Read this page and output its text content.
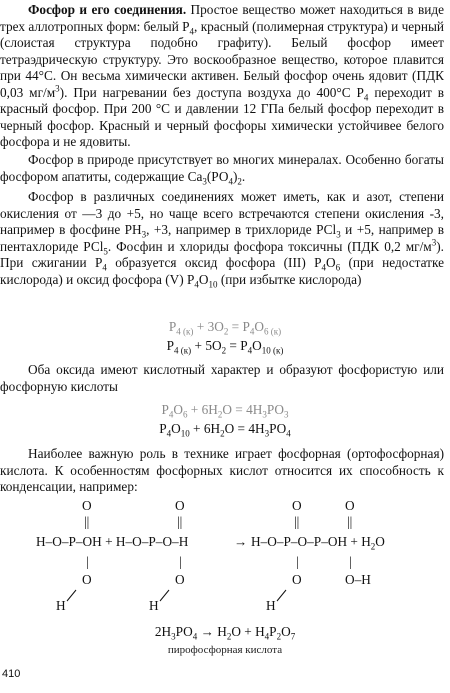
Фосфор и его соединения. Простое вещество может находиться в виде трех аллотропных форм: белый $Р_4$, красный (полимерная структура) и черный (слоистая структура подобно графиту). Белый фосфор имеет тетраэдрическую структуру. Это воскообразное вещество, которое плавится при 44°С. Он весьма химически активен. Белый фосфор очень ядовит (ПДК 0,03 $мг/м^3$). При нагревании без доступа воздуха до 400°С $Р_4$ переходит в красный фосфор. При 200 °С и давлении 12 ГПа белый фосфор переходит в черный фосфор. Красный и черный фосфоры химически устойчивее белого фосфора и не ядовиты.

Фосфор в природе присутствует во многих минералах. Особенно богаты фосфором апатиты, содержащие $Са_3(РО_4)_2$.

Фосфор в различных соединениях может иметь, как и азот, степени окисления от —3 до +5, но чаще всего встречаются степени окисления -3, например в фосфине $РН_3$, +3, например в трихлориде РСl$_3$ и +5, например в пентахлориде РСl$_5$. Фосфин и хлориды фосфора токсичны (ПДК 0,2 $мг/м^3$). При сжигании $Р_4$ образуется оксид фосфора (III) $Р_4О_6$ (при недостатке кислорода) и оксид фосфора (V) $Р_4О_{10}$ (при избытке кислорода)

$Р_{4 (к)} + 3О_2 = Р_4О_{6 (к)}$

$Р_{4 (к)} + 5О_2 = Р_4О_{10 (к)}$

Оба оксида имеют кислотный характер и образуют фосфористую или фосфорную кислоты

$Р_4О_6 + 6Н_2О = 4Н_3РО_3$

$Р_4О_{10} + 6Н_2О = 4Н_3РО_4$

Наиболее важную роль в технике играет фосфорная (ортофосфорная) кислота. К особенностям фосфорных кислот относится их способность к конденсации, например:

О	О	О	О
||	||	||	||
Н–О–Р–ОН + Н–О–Р–О–Н	→ $Н-О-Р-О-Р-ОН + Н_2О$
|	|	|	|
О	О	О	О–Н
Н	Н	Н

$2Н_3РО_4 \to Н_2О + Н_4Р_2О_7$

пирофосфорная кислота

410
